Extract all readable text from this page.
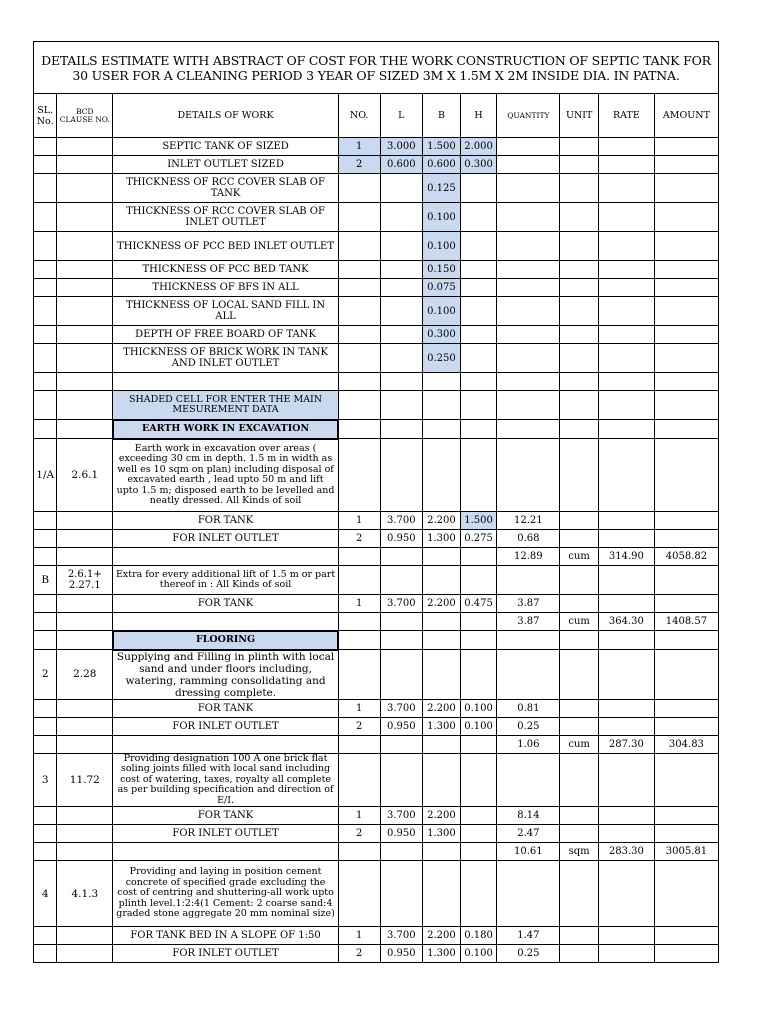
DETAILS ESTIMATE WITH ABSTRACT OF COST FOR THE WORK CONSTRUCTION OF SEPTIC TANK FOR 30 USER FOR A CLEANING PERIOD 3 YEAR OF SIZED 3M X 1.5M X 2M INSIDE DIA. IN PATNA.										
SL. No.	BCD CLAUSE NO.	DETAILS OF WORK	NO.	L	B	H	QUANTITY	UNIT	RATE	AMOUNT
		SEPTIC TANK OF SIZED	1	3.000	1.500	2.000				
		INLET OUTLET SIZED	2	0.600	0.600	0.300				
		THICKNESS OF RCC COVER SLAB OF TANK			0.125					
		THICKNESS OF RCC COVER SLAB OF INLET OUTLET			0.100					
		THICKNESS OF PCC BED INLET OUTLET			0.100					
		THICKNESS OF PCC BED TANK			0.150					
		THICKNESS OF BFS IN ALL			0.075					
		THICKNESS OF LOCAL SAND FILL IN ALL			0.100					
		DEPTH OF FREE BOARD OF TANK			0.300					
		THICKNESS OF BRICK WORK IN TANK AND INLET OUTLET			0.250					

		SHADED CELL FOR ENTER THE MAIN MESUREMENT DATA								
		EARTH WORK IN EXCAVATION								
1/A	2.6.1	Earth work in excavation over areas ( exceeding 30 cm in depth. 1.5 m in width as well es 10 sqm on plan) including disposal of excavated earth , lead upto 50 m and lift upto 1.5 m; disposed earth to be levelled and neatly dressed. All Kinds of soil								
		FOR TANK	1	3.700	2.200	1.500	12.21			
		FOR INLET OUTLET	2	0.950	1.300	0.275	0.68			
							12.89	cum	314.90	4058.82
B	2.6.1+ 2.27.1	Extra for every additional lift of 1.5 m or part thereof in : All Kinds of soil								
		FOR TANK	1	3.700	2.200	0.475	3.87			
							3.87	cum	364.30	1408.57
		FLOORING								
2	2.28	Supplying and Filling in plinth with local sand and under floors including, watering, ramming consolidating and dressing complete.								
		FOR TANK	1	3.700	2.200	0.100	0.81			
		FOR INLET OUTLET	2	0.950	1.300	0.100	0.25			
							1.06	cum	287.30	304.83
3	11.72	Providing designation 100 A one brick flat soling joints filled with local sand including cost of watering, taxes, royalty all complete as per building specification and direction of E/I.								
		FOR TANK	1	3.700	2.200		8.14			
		FOR INLET OUTLET	2	0.950	1.300		2.47			
							10.61	sqm	283.30	3005.81
4	4.1.3	Providing and laying in position cement concrete of specified grade excluding the cost of centring and shuttering-all work upto plinth level.1:2:4(1 Cement: 2 coarse sand:4 graded stone aggregate 20 mm nominal size)								
		FOR TANK BED IN A SLOPE OF 1:50	1	3.700	2.200	0.180	1.47			
		FOR INLET OUTLET	2	0.950	1.300	0.100	0.25			
